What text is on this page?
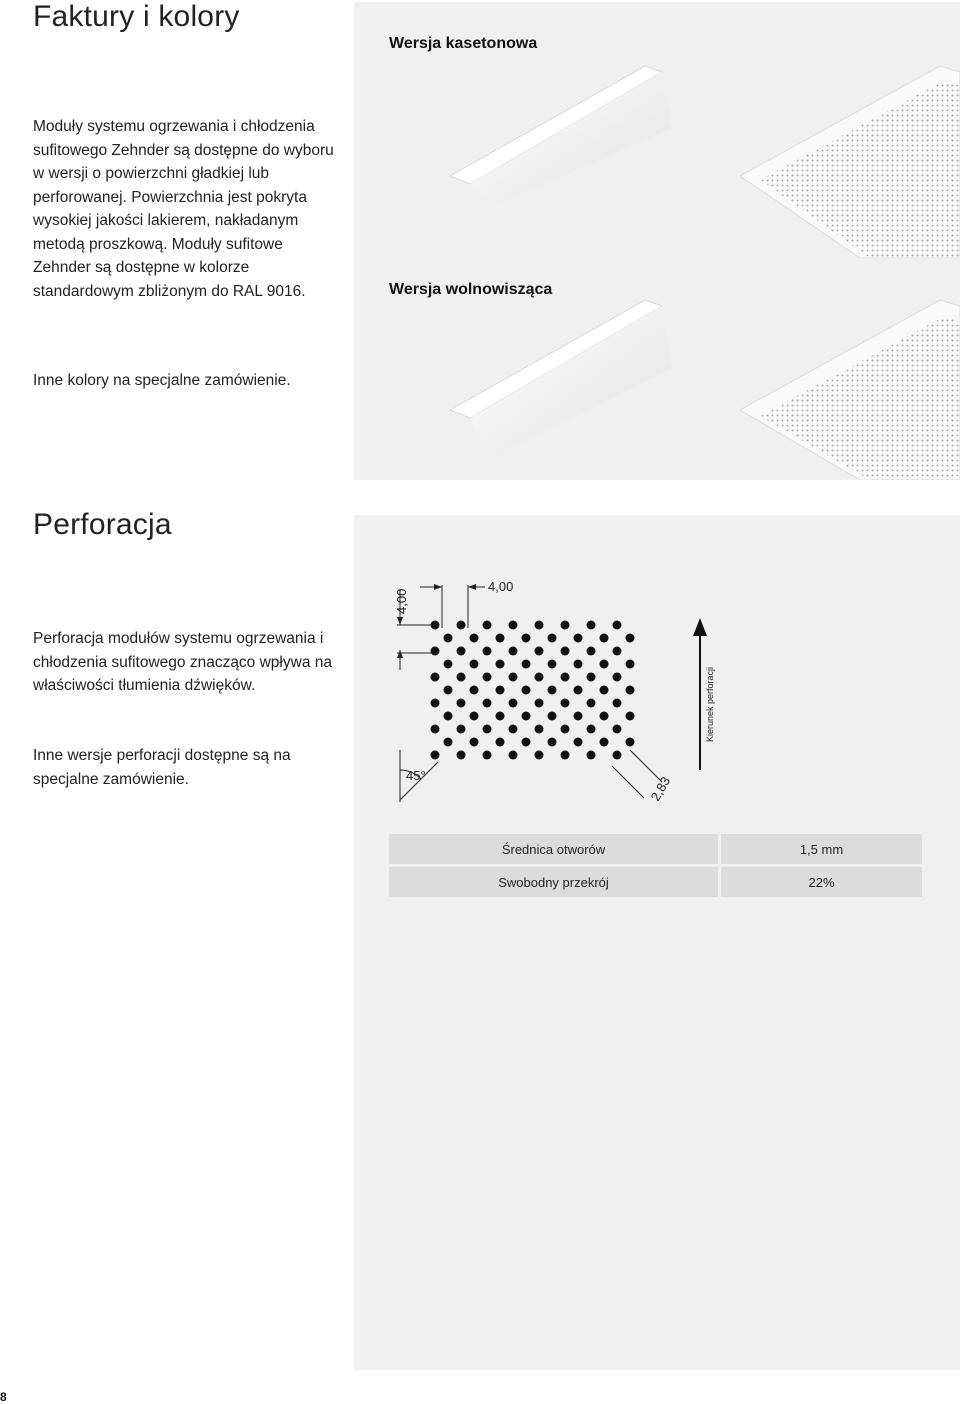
Faktury i kolory
Wersja kasetonowa
Wersja wolnowisząca

Moduły systemu ogrzewania i chłodzenia sufitowego Zehnder są dostępne do wyboru w wersji o powierzchni gładkiej lub perforowanej. Powierzchnia jest pokryta wysokiej jakości lakierem, nakładanym metodą proszkową. Moduły sufitowe Zehnder są dostępne w kolorze standardowym zbliżonym do RAL 9016.

Inne kolory na specjalne zamówienie.

Perforacja

Perforacja modułów systemu ogrzewania i chłodzenia sufitowego znacząco wpływa na właściwości tłumienia dźwięków.

Inne wersje perforacji dostępne są na specjalne zamówienie.

4,00
4,00
45°	2,83
Kierunek perforacji
Średnica otworów	1,5 mm
Swobodny przekrój	22%
8
